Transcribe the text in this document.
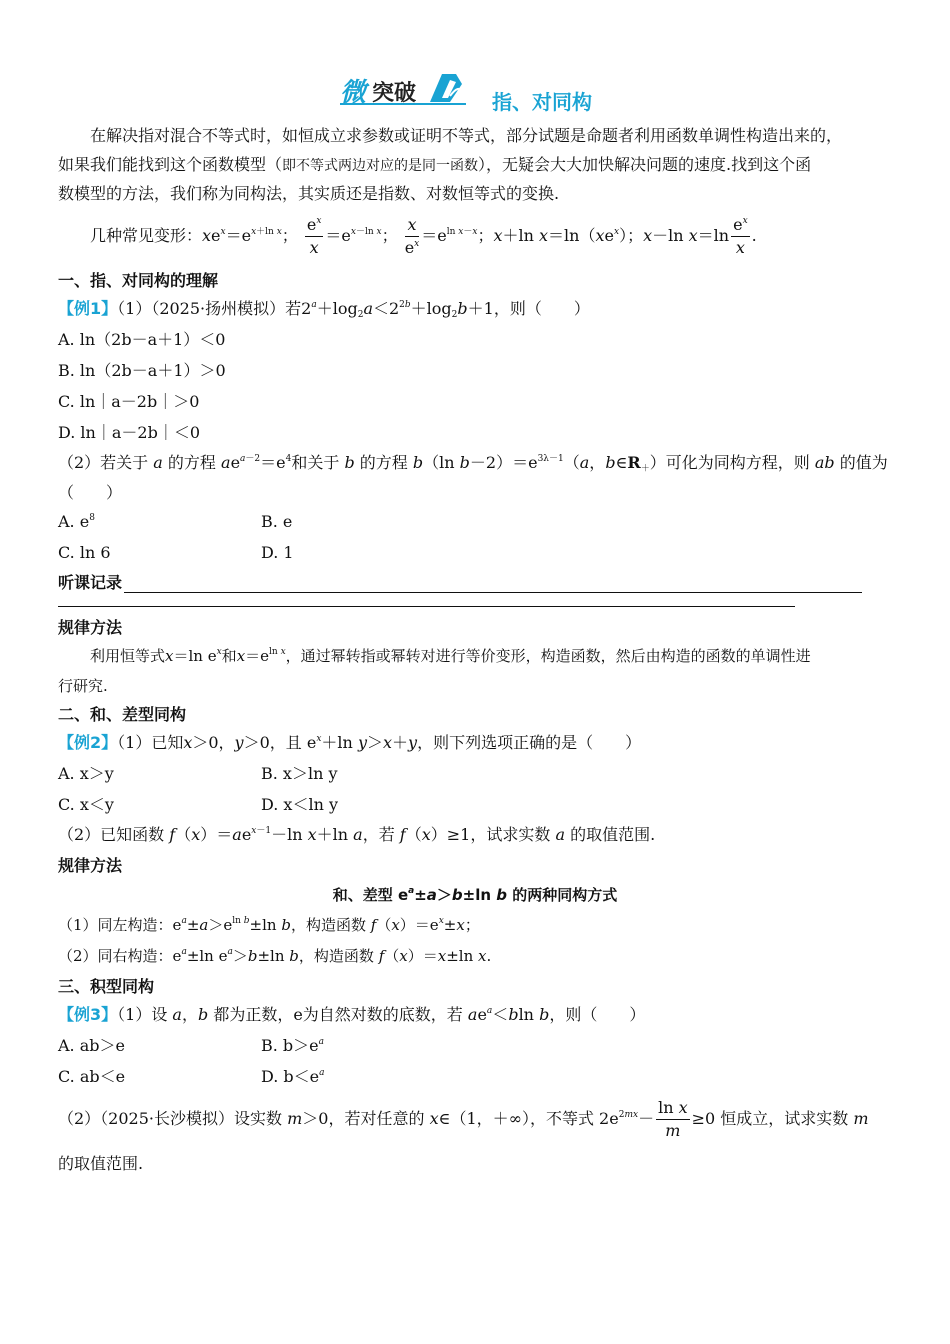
微 突破	指、对同构
在解决指对混合不等式时，如恒成立求参数或证明不等式，部分试题是命题者利用函数单调性构造出来的，
如果我们能找到这个函数模型（即不等式两边对应的是同一函数），无疑会大大加快解决问题的速度.找到这个函
数模型的方法，我们称为同构法，其实质还是指数、对数恒等式的变换.
几种常见变形：$xe^x=e^{x+ln x}$； $\frac{e^x}{x} =e^{x-ln x}$； $\frac{x}{e^x} =e^{ln x-x}$；x＋ln $x=\ln(xe^x)$；x－ln $x=\ln \frac{e^x}{x}$ .
一、指、对同构的理解
【例1】（1）（2025·扬州模拟）若$2^a+\log_2a<2^{2b}+\log_2b+1$，则（　　）
A. ln（2b－a＋1）＜0
B. ln（2b－a＋1）＞0
C. ln｜a－2b｜＞0
D. ln｜a－2b｜＜0
（2）若关于 a 的方程 $ae^{a-2}=e^4$和关于 b 的方程 b（ln $b-2)=e^{3\lambda-1}(a$，$b\in R_+$）可化为同构方程，则 ab 的值为
（　　）
A. $e^8$	B. e
C. ln 6	D. 1
听课记录
规律方法
利用恒等式x＝ln $e^x$和$x=e^{ln x}$，通过幂转指或幂转对进行等价变形，构造函数，然后由构造的函数的单调性进
行研究.
二、和、差型同构
【例2】（1）已知x＞0，y＞0，且 $e^x+\ln$ y＞x＋y，则下列选项正确的是（　　）
A. x＞y	B. x＞ln y
C. x＜y	D. x＜ln y
（2）已知函数 $f(x)=ae^{x-1}-\ln$ x＋ln a，若 f（x）≥1，试求实数 a 的取值范围.
规律方法
和、差型 $e^a\pm a>b\pm\ln$ b 的两种同构方式
（1）同左构造：$e^a\pm a>e^{ln b}\pm\ln$ b，构造函数 $f(x)=e^x\pm x$；
（2）同右构造：$e^a\pm\ln$ $e^a>b\pm\ln$ b，构造函数 f（x）＝x±ln x.
三、积型同构
【例3】（1）设 a，b 都为正数，e为自然对数的底数，若 $ae^a<bln$ b，则（　　）
A. ab＞e	B. $b>e^a$
C. ab＜e	D. $b<e^a$
（2）（2025·长沙模拟）设实数 m＞0，若对任意的 x∈（1，＋∞），不等式 $2e^{2mx}- \frac{\text{ln x}}{m} \ge 0$ 恒成立，试求实数 m
的取值范围.
